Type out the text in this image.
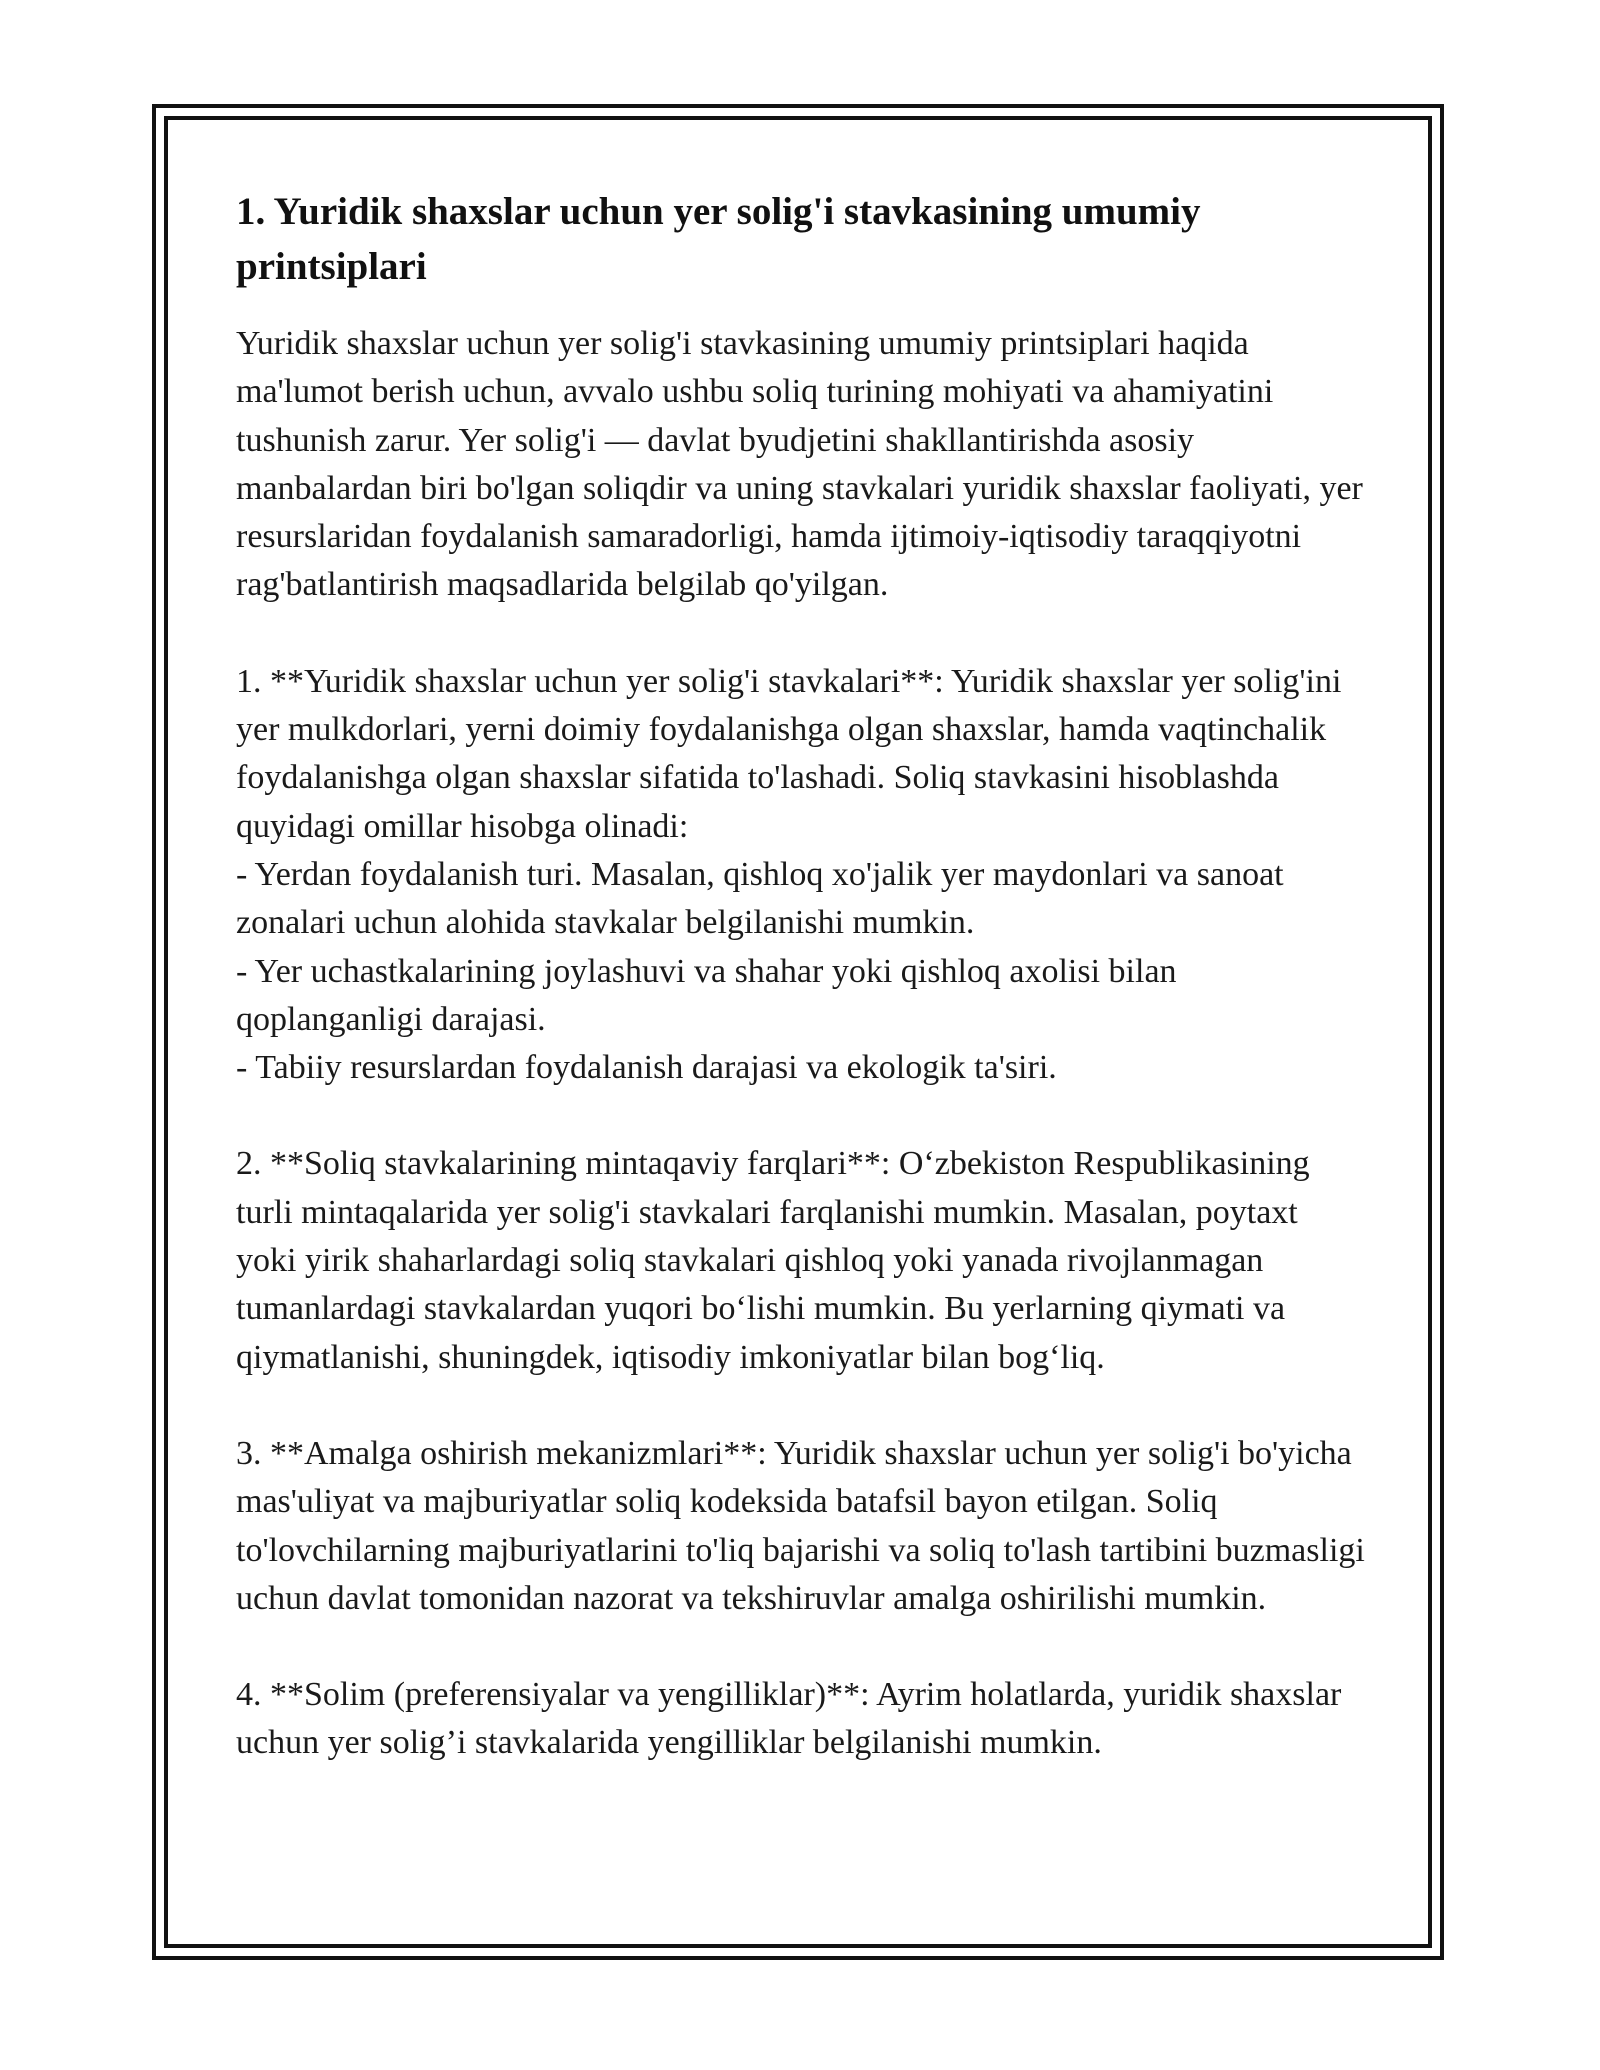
1. Yuridik shaxslar uchun yer solig'i stavkasining umumiy printsiplari

Yuridik shaxslar uchun yer solig'i stavkasining umumiy printsiplari haqida ma'lumot berish uchun, avvalo ushbu soliq turining mohiyati va ahamiyatini tushunish zarur. Yer solig'i — davlat byudjetini shakllantirishda asosiy manbalardan biri bo'lgan soliqdir va uning stavkalari yuridik shaxslar faoliyati, yer resurslaridan foydalanish samaradorligi, hamda ijtimoiy-iqtisodiy taraqqiyotni rag'batlantirish maqsadlarida belgilab qo'yilgan.

1. **Yuridik shaxslar uchun yer solig'i stavkalari**: Yuridik shaxslar yer solig'ini yer mulkdorlari, yerni doimiy foydalanishga olgan shaxslar, hamda vaqtinchalik foydalanishga olgan shaxslar sifatida to'lashadi. Soliq stavkasini hisoblashda quyidagi omillar hisobga olinadi:
- Yerdan foydalanish turi. Masalan, qishloq xo'jalik yer maydonlari va sanoat zonalari uchun alohida stavkalar belgilanishi mumkin.
- Yer uchastkalarining joylashuvi va shahar yoki qishloq axolisi bilan qoplanganligi darajasi.
- Tabiiy resurslardan foydalanish darajasi va ekologik ta'siri.

2. **Soliq stavkalarining mintaqaviy farqlari**: O‘zbekiston Respublikasining turli mintaqalarida yer solig'i stavkalari farqlanishi mumkin. Masalan, poytaxt yoki yirik shaharlardagi soliq stavkalari qishloq yoki yanada rivojlanmagan tumanlardagi stavkalardan yuqori bo‘lishi mumkin. Bu yerlarning qiymati va qiymatlanishi, shuningdek, iqtisodiy imkoniyatlar bilan bog‘liq.

3. **Amalga oshirish mekanizmlari**: Yuridik shaxslar uchun yer solig'i bo'yicha mas'uliyat va majburiyatlar soliq kodeksida batafsil bayon etilgan. Soliq to'lovchilarning majburiyatlarini to'liq bajarishi va soliq to'lash tartibini buzmasligi uchun davlat tomonidan nazorat va tekshiruvlar amalga oshirilishi mumkin.

4. **Solim (preferensiyalar va yengilliklar)**: Ayrim holatlarda, yuridik shaxslar uchun yer solig’i stavkalarida yengilliklar belgilanishi mumkin.
